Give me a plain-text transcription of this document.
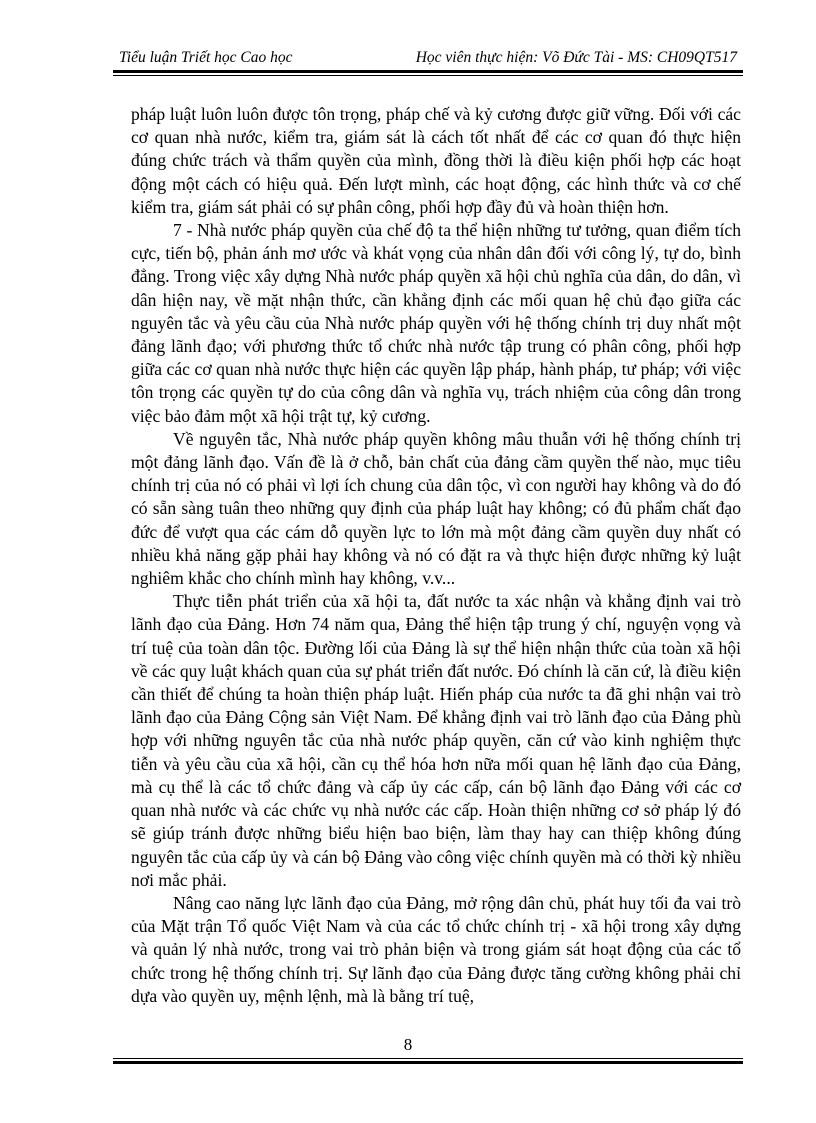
Tiểu luận Triết học Cao học	Học viên thực hiện: Võ Đức Tài - MS: CH09QT517

pháp luật luôn luôn được tôn trọng, pháp chế và kỷ cương được giữ vững. Đối với các cơ quan nhà nước, kiểm tra, giám sát là cách tốt nhất để các cơ quan đó thực hiện đúng chức trách và thẩm quyền của mình, đồng thời là điều kiện phối hợp các hoạt động một cách có hiệu quả. Đến lượt mình, các hoạt động, các hình thức và cơ chế kiểm tra, giám sát phải có sự phân công, phối hợp đầy đủ và hoàn thiện hơn.

7 - Nhà nước pháp quyền của chế độ ta thể hiện những tư tưởng, quan điểm tích cực, tiến bộ, phản ánh mơ ước và khát vọng của nhân dân đối với công lý, tự do, bình đẳng. Trong việc xây dựng Nhà nước pháp quyền xã hội chủ nghĩa của dân, do dân, vì dân hiện nay, về mặt nhận thức, cần khẳng định các mối quan hệ chủ đạo giữa các nguyên tắc và yêu cầu của Nhà nước pháp quyền với hệ thống chính trị duy nhất một đảng lãnh đạo; với phương thức tổ chức nhà nước tập trung có phân công, phối hợp giữa các cơ quan nhà nước thực hiện các quyền lập pháp, hành pháp, tư pháp; với việc tôn trọng các quyền tự do của công dân và nghĩa vụ, trách nhiệm của công dân trong việc bảo đảm một xã hội trật tự, kỷ cương.

Về nguyên tắc, Nhà nước pháp quyền không mâu thuẫn với hệ thống chính trị một đảng lãnh đạo. Vấn đề là ở chỗ, bản chất của đảng cầm quyền thế nào, mục tiêu chính trị của nó có phải vì lợi ích chung của dân tộc, vì con người hay không và do đó có sẵn sàng tuân theo những quy định của pháp luật hay không; có đủ phẩm chất đạo đức để vượt qua các cám dỗ quyền lực to lớn mà một đảng cầm quyền duy nhất có nhiều khả năng gặp phải hay không và nó có đặt ra và thực hiện được những kỷ luật nghiêm khắc cho chính mình hay không, v.v...

Thực tiễn phát triển của xã hội ta, đất nước ta xác nhận và khẳng định vai trò lãnh đạo của Đảng. Hơn 74 năm qua, Đảng thể hiện tập trung ý chí, nguyện vọng và trí tuệ của toàn dân tộc. Đường lối của Đảng là sự thể hiện nhận thức của toàn xã hội về các quy luật khách quan của sự phát triển đất nước. Đó chính là căn cứ, là điều kiện cần thiết để chúng ta hoàn thiện pháp luật. Hiến pháp của nước ta đã ghi nhận vai trò lãnh đạo của Đảng Cộng sản Việt Nam. Để khẳng định vai trò lãnh đạo của Đảng phù hợp với những nguyên tắc của nhà nước pháp quyền, căn cứ vào kinh nghiệm thực tiễn và yêu cầu của xã hội, cần cụ thể hóa hơn nữa mối quan hệ lãnh đạo của Đảng, mà cụ thể là các tổ chức đảng và cấp ủy các cấp, cán bộ lãnh đạo Đảng với các cơ quan nhà nước và các chức vụ nhà nước các cấp. Hoàn thiện những cơ sở pháp lý đó sẽ giúp tránh được những biểu hiện bao biện, làm thay hay can thiệp không đúng nguyên tắc của cấp ủy và cán bộ Đảng vào công việc chính quyền mà có thời kỳ nhiều nơi mắc phải.

Nâng cao năng lực lãnh đạo của Đảng, mở rộng dân chủ, phát huy tối đa vai trò của Mặt trận Tổ quốc Việt Nam và của các tổ chức chính trị - xã hội trong xây dựng và quản lý nhà nước, trong vai trò phản biện và trong giám sát hoạt động của các tổ chức trong hệ thống chính trị. Sự lãnh đạo của Đảng được tăng cường không phải chỉ dựa vào quyền uy, mệnh lệnh, mà là bằng trí tuệ,

8
